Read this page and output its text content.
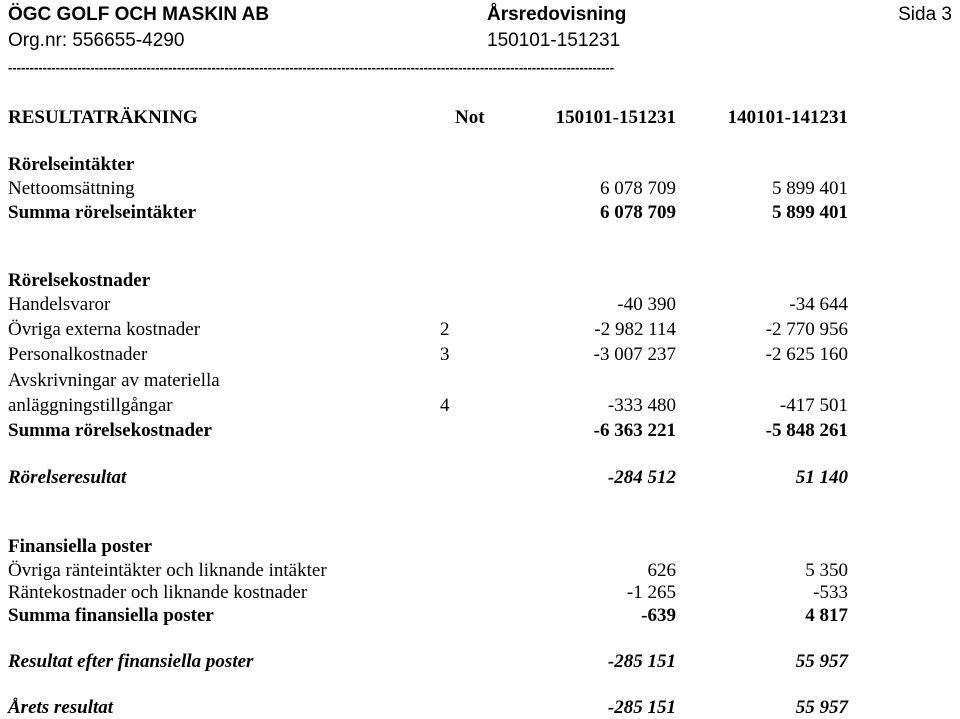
ÖGC GOLF OCH MASKIN AB	Årsredovisning	Sida 3
Org.nr: 556655-4290	150101-151231
--------------------------------------------------------------------------------------------------------------------------------------------
RESULTATRÄKNING	Not	150101-151231	140101-141231
Rörelseintäkter
Nettoomsättning	6 078 709	5 899 401
Summa rörelseintäkter	6 078 709	5 899 401
Rörelsekostnader
Handelsvaror	-40 390	-34 644
Övriga externa kostnader	2	-2 982 114	-2 770 956
Personalkostnader	3	-3 007 237	-2 625 160
Avskrivningar av materiella
anläggningstillgångar	4	-333 480	-417 501
Summa rörelsekostnader	-6 363 221	-5 848 261
Rörelseresultat	-284 512	51 140
Finansiella poster
Övriga ränteintäkter och liknande intäkter	626	5 350
Räntekostnader och liknande kostnader	-1 265	-533
Summa finansiella poster	-639	4 817
Resultat efter finansiella poster	-285 151	55 957
Årets resultat	-285 151	55 957
